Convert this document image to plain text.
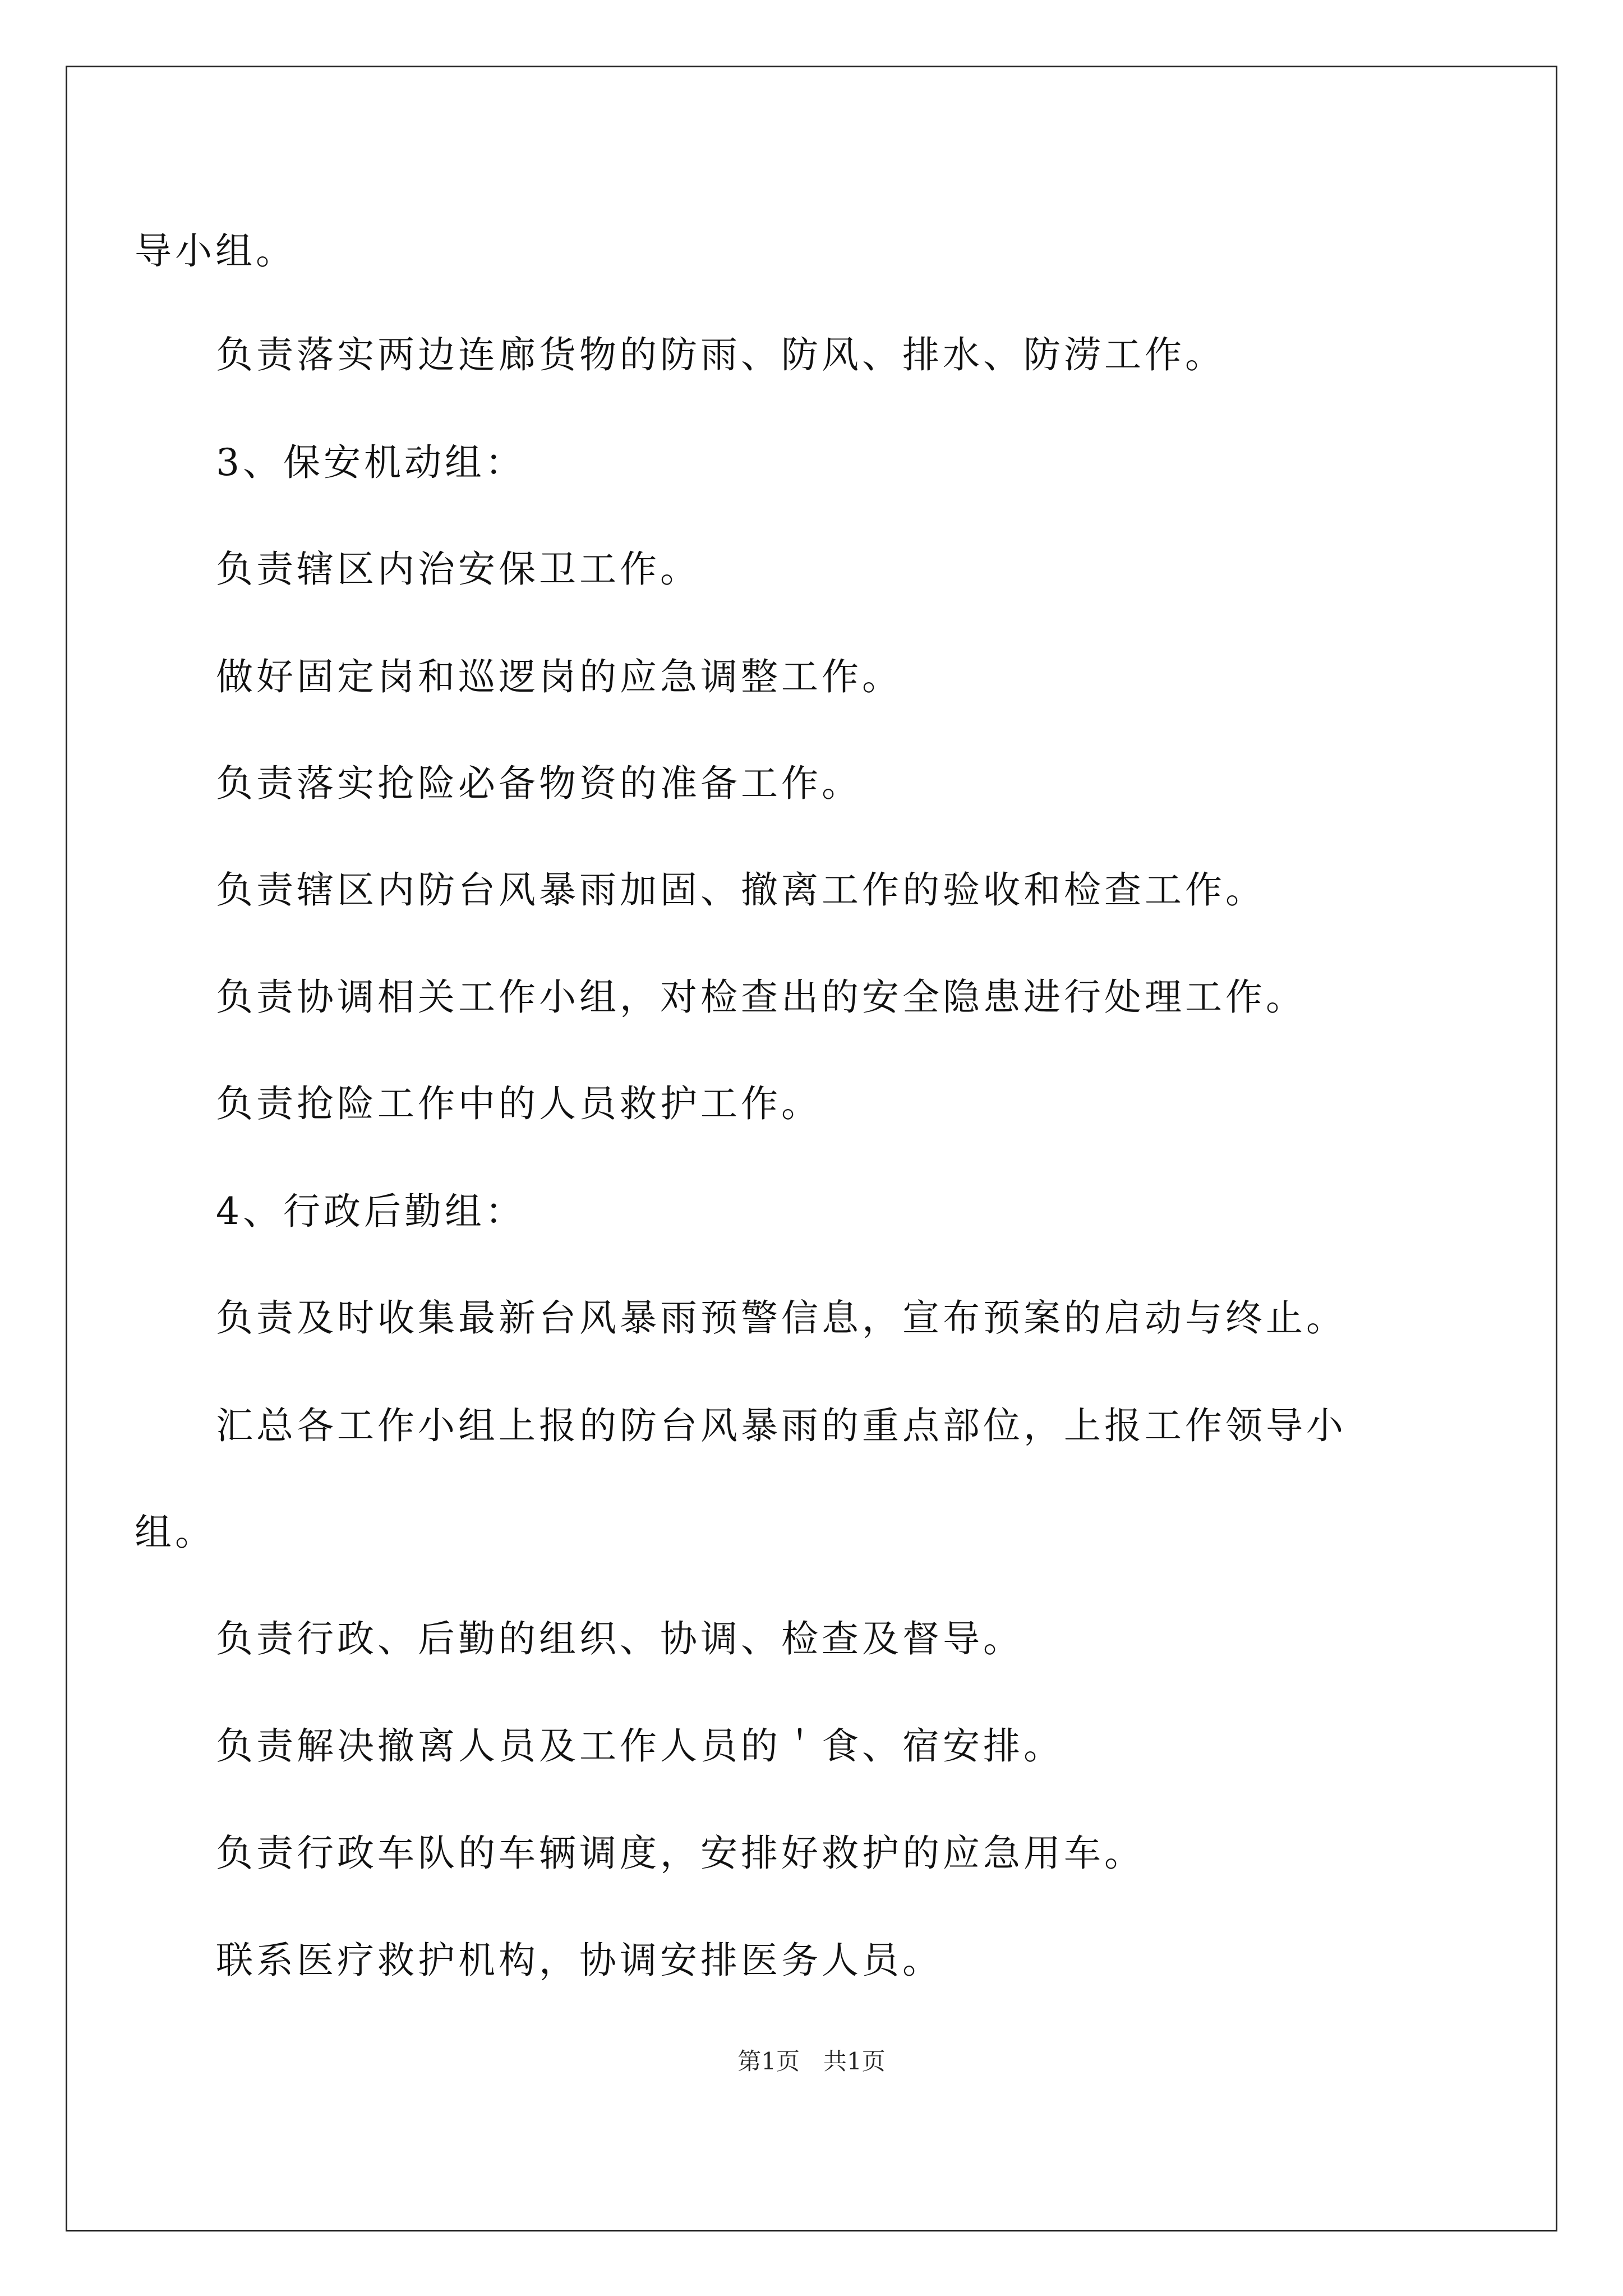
导小组。
负责落实两边连廊货物的防雨、防风、排水、防涝工作。
3、保安机动组：
负责辖区内治安保卫工作。
做好固定岗和巡逻岗的应急调整工作。
负责落实抢险必备物资的准备工作。
负责辖区内防台风暴雨加固、撤离工作的验收和检查工作。
负责协调相关工作小组，对检查出的安全隐患进行处理工作。
负责抢险工作中的人员救护工作。
4、行政后勤组：
负责及时收集最新台风暴雨预警信息，宣布预案的启动与终止。
汇总各工作小组上报的防台风暴雨的重点部位，上报工作领导小
组。
负责行政、后勤的组织、协调、检查及督导。
负责解决撤离人员及工作人员的＇食、宿安排。
负责行政车队的车辆调度，安排好救护的应急用车。
联系医疗救护机构，协调安排医务人员。
第1页　共1页
